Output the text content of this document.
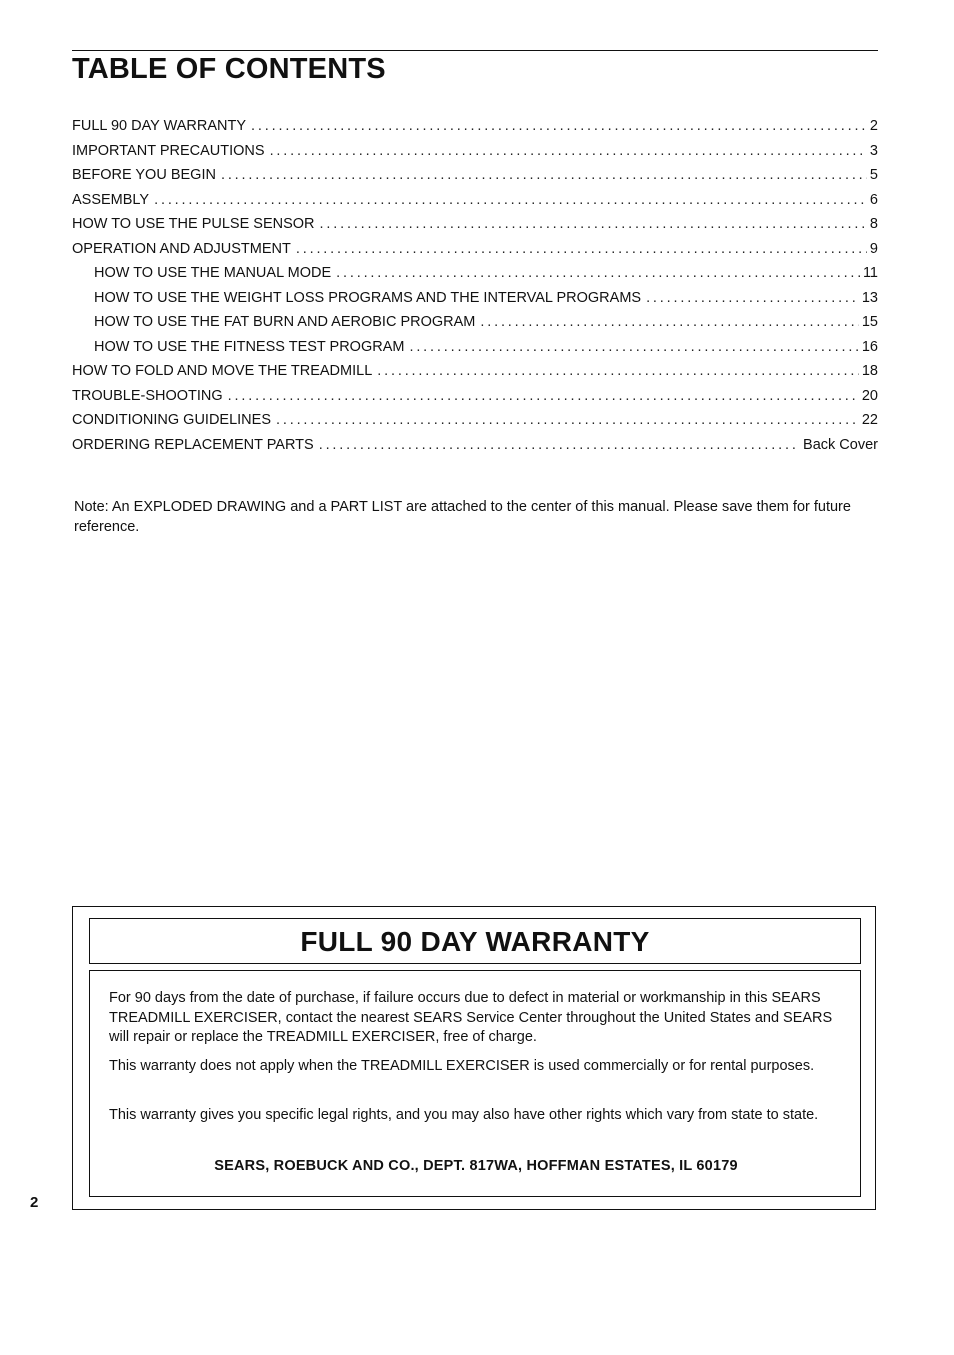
TABLE OF CONTENTS
FULL 90 DAY WARRANTY . . .	2
IMPORTANT PRECAUTIONS . . .	3
BEFORE YOU BEGIN . . .	5
ASSEMBLY . . .	6
HOW TO USE THE PULSE SENSOR . . .	8
OPERATION AND ADJUSTMENT . . .	9
HOW TO USE THE MANUAL MODE . . .	11
HOW TO USE THE WEIGHT LOSS PROGRAMS AND THE INTERVAL PROGRAMS . . .	13
HOW TO USE THE FAT BURN AND AEROBIC PROGRAM . . .	15
HOW TO USE THE FITNESS TEST PROGRAM . . .	16
HOW TO FOLD AND MOVE THE TREADMILL . . .	18
TROUBLE-SHOOTING . . .	20
CONDITIONING GUIDELINES . . .	22
ORDERING REPLACEMENT PARTS . . .	Back Cover

Note: An EXPLODED DRAWING and a PART LIST are attached to the center of this manual. Please save them for future reference.

FULL 90 DAY WARRANTY

For 90 days from the date of purchase, if failure occurs due to defect in material or workmanship in this SEARS TREADMILL EXERCISER, contact the nearest SEARS Service Center throughout the United States and SEARS will repair or replace the TREADMILL EXERCISER, free of charge.

This warranty does not apply when the TREADMILL EXERCISER is used commercially or for rental purposes.

This warranty gives you specific legal rights, and you may also have other rights which vary from state to state.

SEARS, ROEBUCK AND CO., DEPT. 817WA, HOFFMAN ESTATES, IL 60179

2
